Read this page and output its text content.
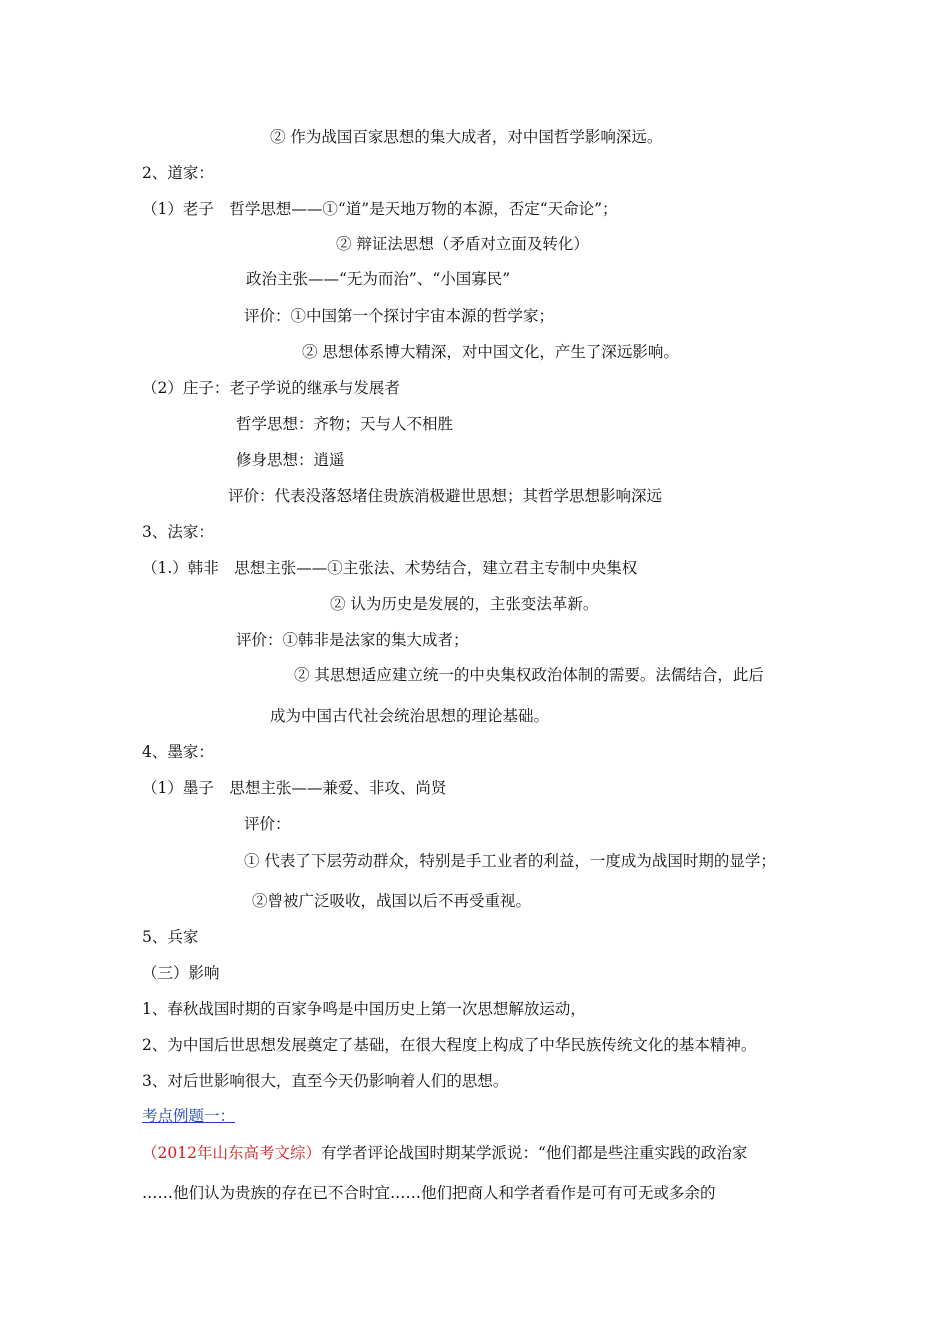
② 作为战国百家思想的集大成者，对中国哲学影响深远。
2、道家：
（1）老子　哲学思想——①“道”是天地万物的本源，否定“天命论”；
② 辩证法思想（矛盾对立面及转化）
政治主张——“无为而治”、“小国寡民”
评价：①中国第一个探讨宇宙本源的哲学家；
② 思想体系博大精深，对中国文化，产生了深远影响。
（2）庄子：老子学说的继承与发展者
哲学思想：齐物；天与人不相胜
修身思想：逍遥
评价：代表没落怒堵住贵族消极避世思想；其哲学思想影响深远
3、法家：
（1.）韩非　思想主张——①主张法、术势结合，建立君主专制中央集权
② 认为历史是发展的，主张变法革新。
评价：①韩非是法家的集大成者；
② 其思想适应建立统一的中央集权政治体制的需要。法儒结合，此后
成为中国古代社会统治思想的理论基础。
4、墨家：
（1）墨子　思想主张——兼爱、非攻、尚贤
评价：
① 代表了下层劳动群众，特别是手工业者的利益，一度成为战国时期的显学；
②曾被广泛吸收，战国以后不再受重视。
5、兵家
（三）影响
1、春秋战国时期的百家争鸣是中国历史上第一次思想解放运动，
2、为中国后世思想发展奠定了基础，在很大程度上构成了中华民族传统文化的基本精神。
3、对后世影响很大，直至今天仍影响着人们的思想。
考点例题一：
（2012年山东高考文综）有学者评论战国时期某学派说：“他们都是些注重实践的政治家
……他们认为贵族的存在已不合时宜……他们把商人和学者看作是可有可无或多余的
